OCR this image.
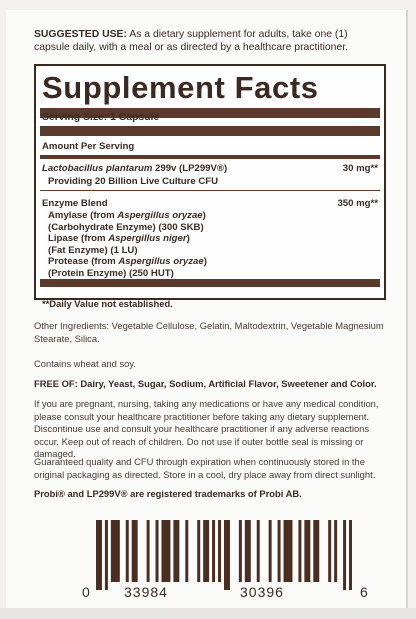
SUGGESTED USE: As a dietary supplement for adults, take one (1) capsule daily, with a meal or as directed by a healthcare practitioner.
Supplement Facts
Serving Size: 1 Capsule
Amount Per Serving
Lactobacillus plantarum 299v (LP299V®)	30 mg**
Providing 20 Billion Live Culture CFU
Enzyme Blend	350 mg**
Amylase (from Aspergillus oryzae)
(Carbohydrate Enzyme) (300 SKB)
Lipase (from Aspergillus niger)
(Fat Enzyme) (1 LU)
Protease (from Aspergillus oryzae)
(Protein Enzyme) (250 HUT)
**Daily Value not established.
Other Ingredients: Vegetable Cellulose, Gelatin, Maltodextrin, Vegetable Magnesium Stearate, Silica.
Contains wheat and soy.
FREE OF: Dairy, Yeast, Sugar, Sodium, Artificial Flavor, Sweetener and Color.
If you are pregnant, nursing, taking any medications or have any medical condition, please consult your healthcare practitioner before taking any dietary supplement. Discontinue use and consult your healthcare practitioner if any adverse reactions occur. Keep out of reach of children. Do not use if outer bottle seal is missing or damaged.
Guaranteed quality and CFU through expiration when continuously stored in the original packaging as directed. Store in a cool, dry place away from direct sunlight.
Probi® and LP299V® are registered trademarks of Probi AB.
0 33984	30396	6
